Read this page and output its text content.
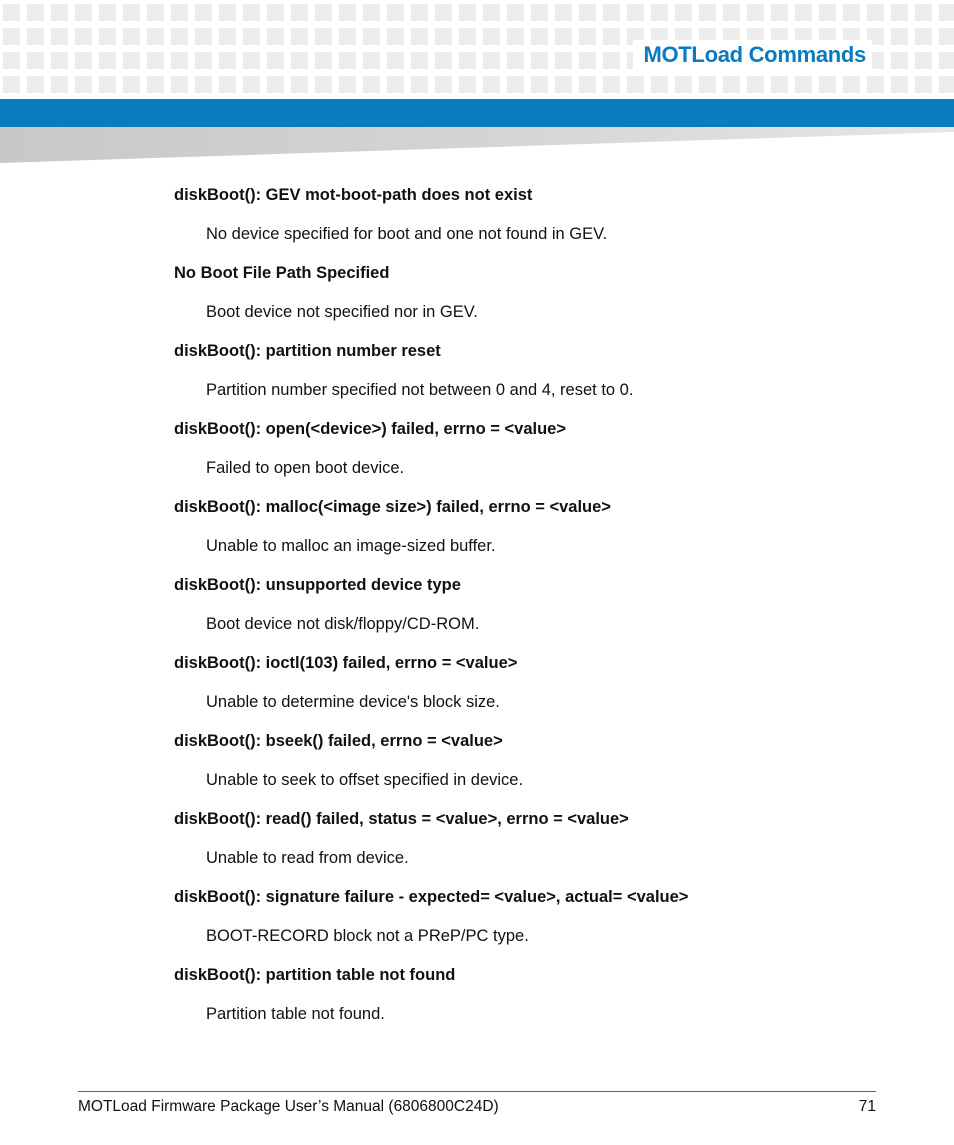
MOTLoad Commands
diskBoot(): GEV mot-boot-path does not exist
No device specified for boot and one not found in GEV.
No Boot File Path Specified
Boot device not specified nor in GEV.
diskBoot(): partition number reset
Partition number specified not between 0 and 4, reset to 0.
diskBoot(): open(<device>) failed, errno = <value>
Failed to open boot device.
diskBoot(): malloc(<image size>) failed, errno = <value>
Unable to malloc an image-sized buffer.
diskBoot(): unsupported device type
Boot device not disk/floppy/CD-ROM.
diskBoot(): ioctl(103) failed, errno = <value>
Unable to determine device's block size.
diskBoot(): bseek() failed, errno = <value>
Unable to seek to offset specified in device.
diskBoot(): read() failed, status = <value>, errno = <value>
Unable to read from device.
diskBoot(): signature failure - expected= <value>, actual= <value>
BOOT-RECORD block not a PReP/PC type.
diskBoot(): partition table not found
Partition table not found.
MOTLoad Firmware Package User’s Manual (6806800C24D)	71
